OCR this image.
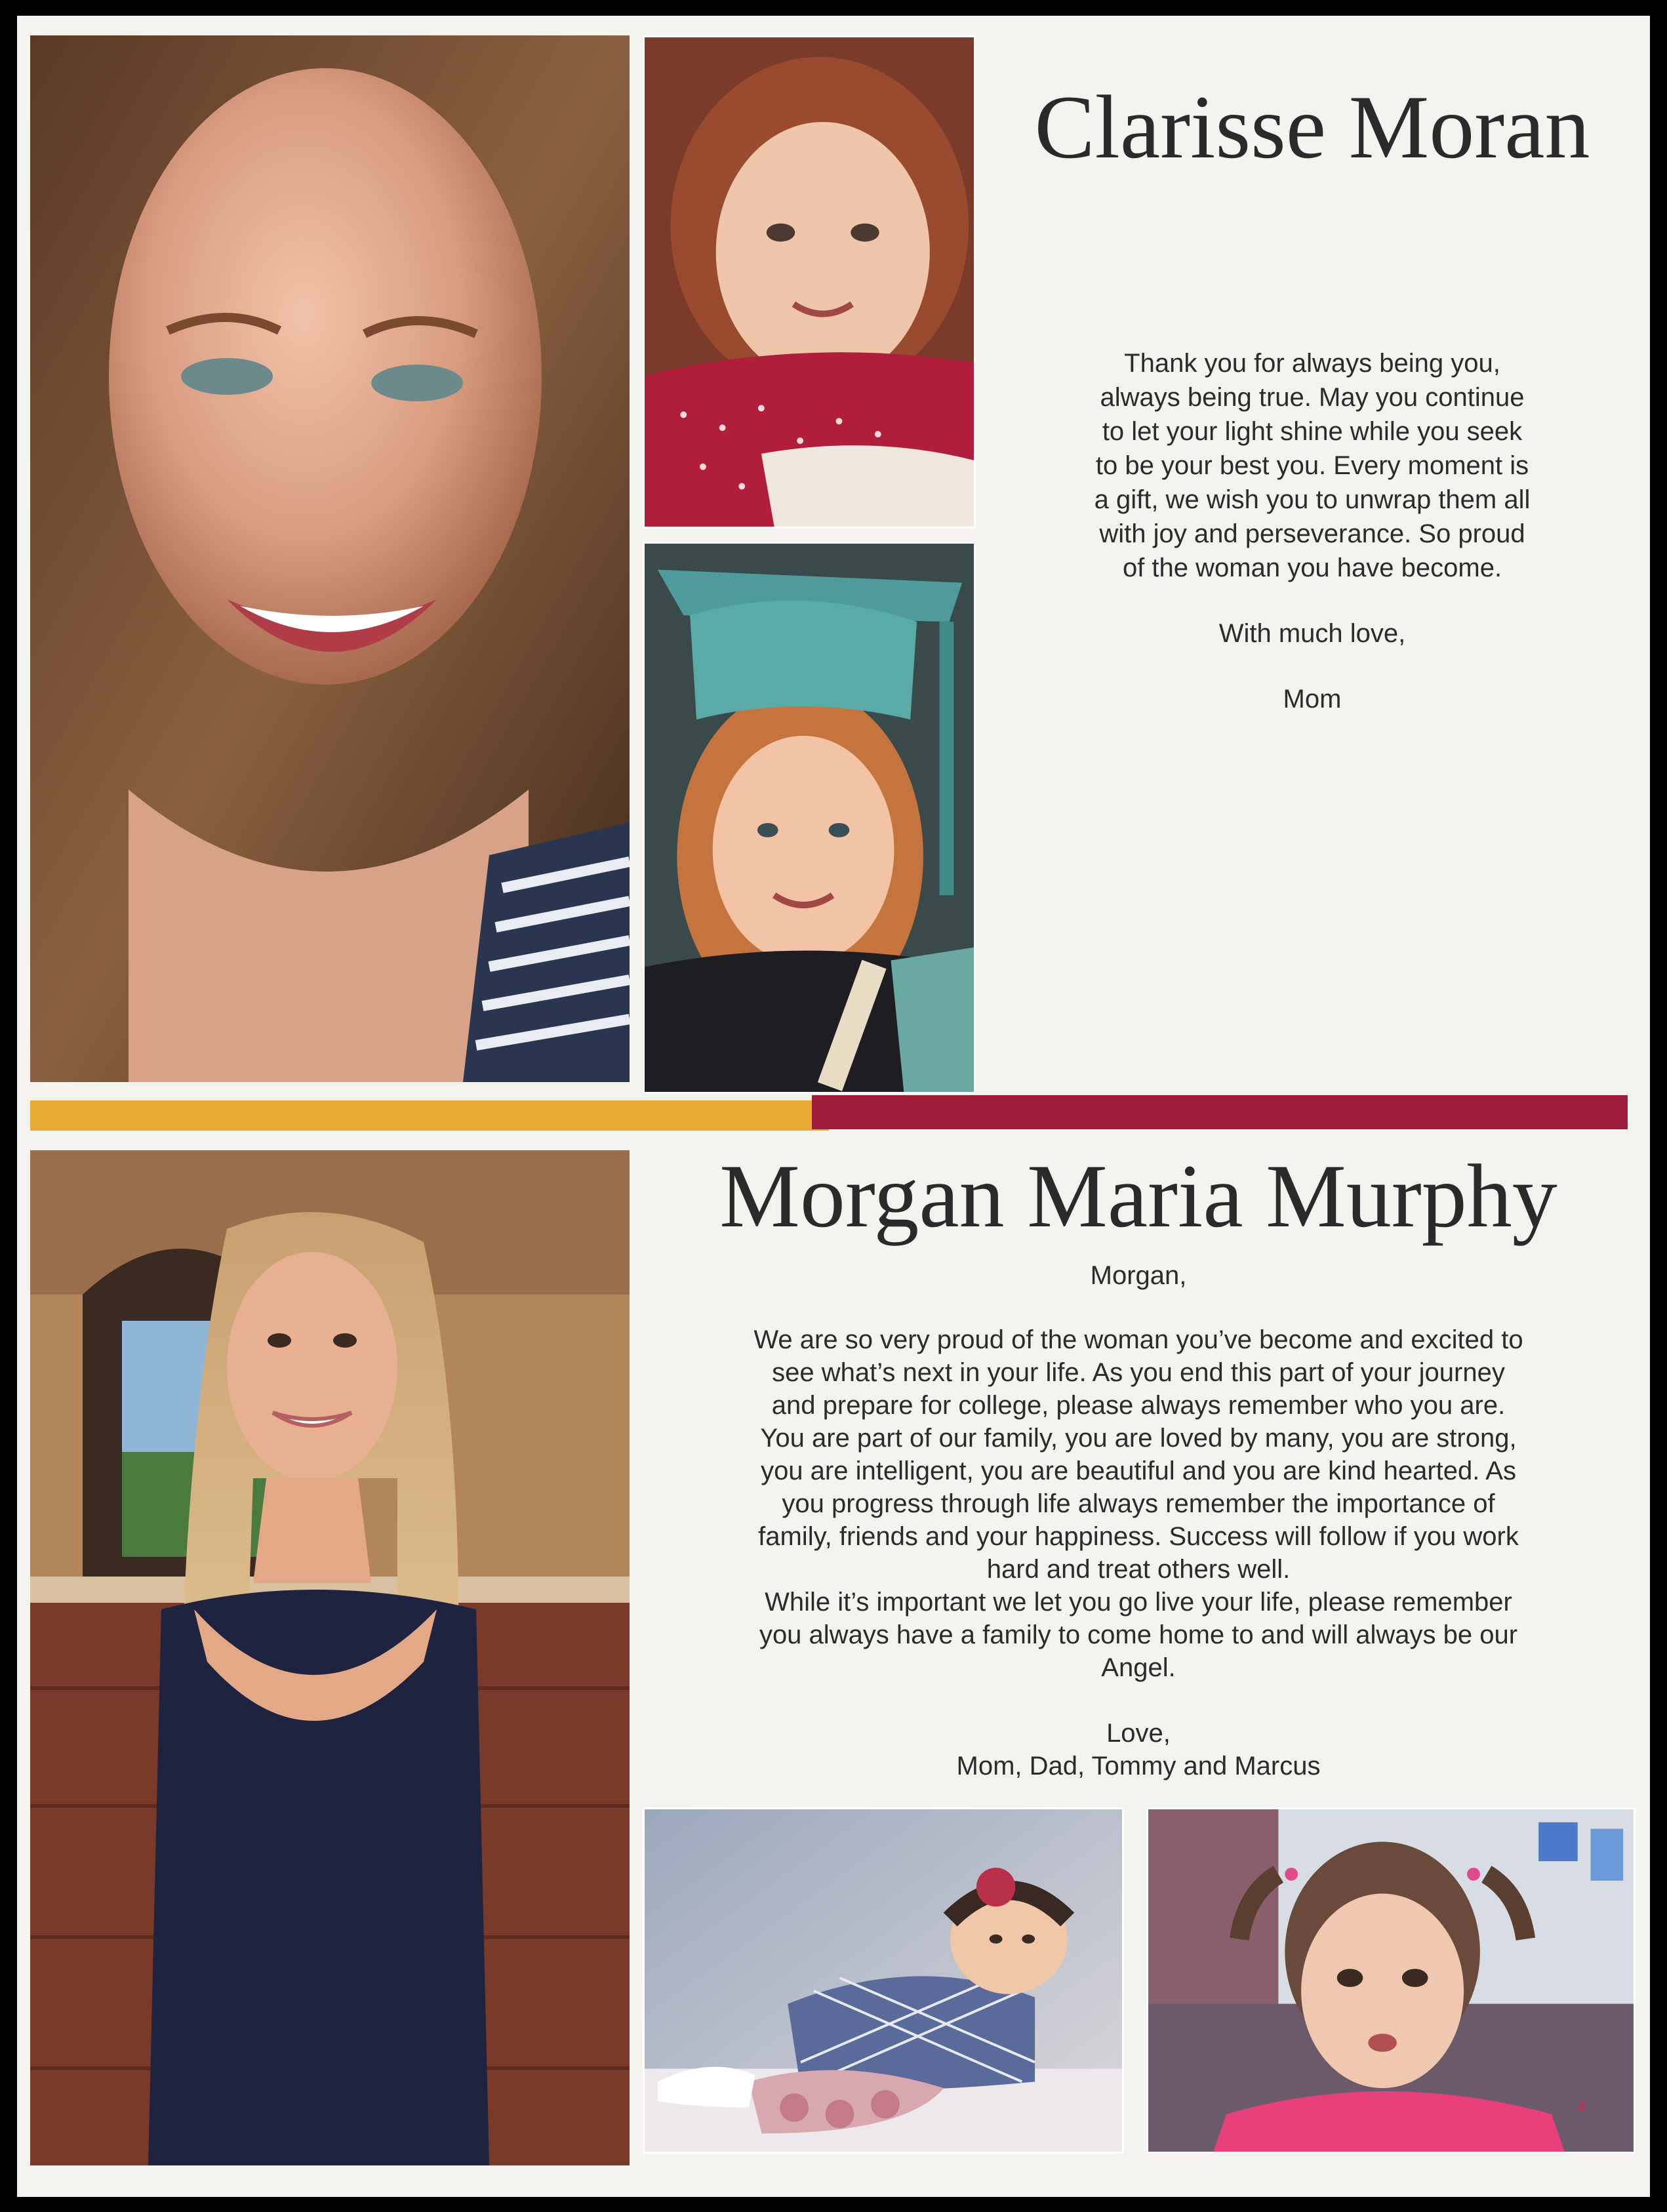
Clarisse Moran

Thank you for always being you,

always being true. May you continue

to let your light shine while you seek

to be your best you. Every moment is

a gift, we wish you to unwrap them all

with joy and perseverance. So proud

of the woman you have become.

With much love,

Mom

Morgan Maria Murphy

Morgan,

We are so very proud of the woman you’ve become and excited to

see what’s next in your life. As you end this part of your journey

and prepare for college, please always remember who you are.

You are part of our family, you are loved by many, you are strong,

you are intelligent, you are beautiful and you are kind hearted. As

you progress through life always remember the importance of

family, friends and your happiness. Success will follow if you work

hard and treat others well.

While it’s important we let you go live your life, please remember

you always have a family to come home to and will always be our

Angel.

Love,

Mom, Dad, Tommy and Marcus

4
